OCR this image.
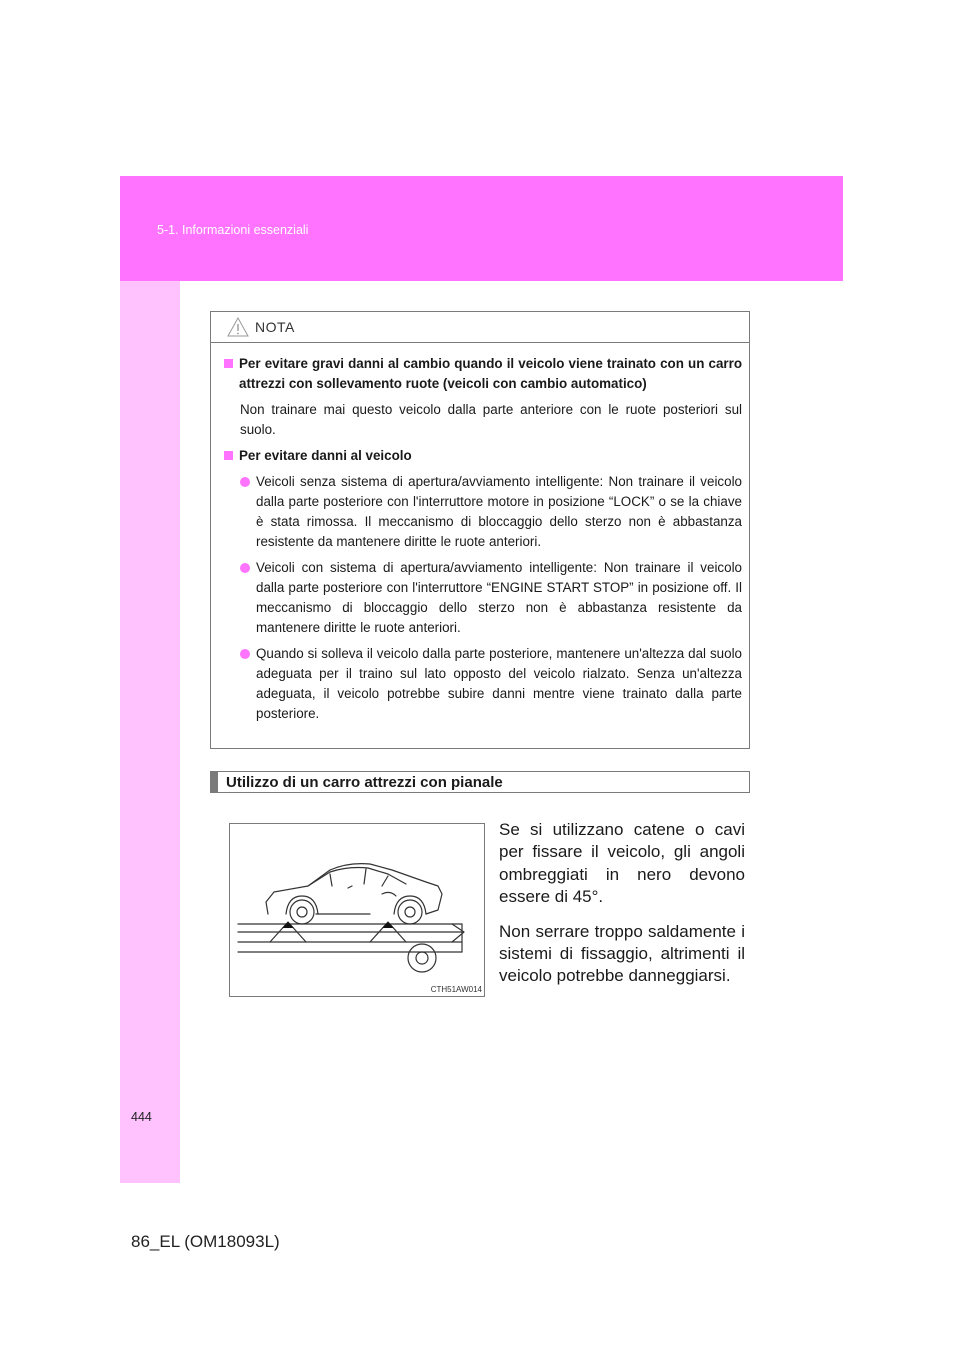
5-1. Informazioni essenziali
NOTA
Per evitare gravi danni al cambio quando il veicolo viene trainato con un carro attrezzi con sollevamento ruote (veicoli con cambio automatico)
Non trainare mai questo veicolo dalla parte anteriore con le ruote posteriori sul suolo.
Per evitare danni al veicolo
Veicoli senza sistema di apertura/avviamento intelligente: Non trainare il veicolo dalla parte posteriore con l'interruttore motore in posizione “LOCK” o se la chiave è stata rimossa. Il meccanismo di bloccaggio dello sterzo non è abbastanza resistente da mantenere diritte le ruote anteriori.
Veicoli con sistema di apertura/avviamento intelligente: Non trainare il veicolo dalla parte posteriore con l'interruttore “ENGINE START STOP” in posizione off. Il meccanismo di bloccaggio dello sterzo non è abbastanza resistente da mantenere diritte le ruote anteriori.
Quando si solleva il veicolo dalla parte posteriore, mantenere un'altezza dal suolo adeguata per il traino sul lato opposto del veicolo rialzato. Senza un'altezza adeguata, il veicolo potrebbe subire danni mentre viene trainato dalla parte posteriore.
Utilizzo di un carro attrezzi con pianale
CTH51AW014

Se si utilizzano catene o cavi per fissare il veicolo, gli angoli ombreggiati in nero devono essere di 45°.

Non serrare troppo saldamente i sistemi di fissaggio, altrimenti il veicolo potrebbe danneggiarsi.

444
86_EL (OM18093L)
